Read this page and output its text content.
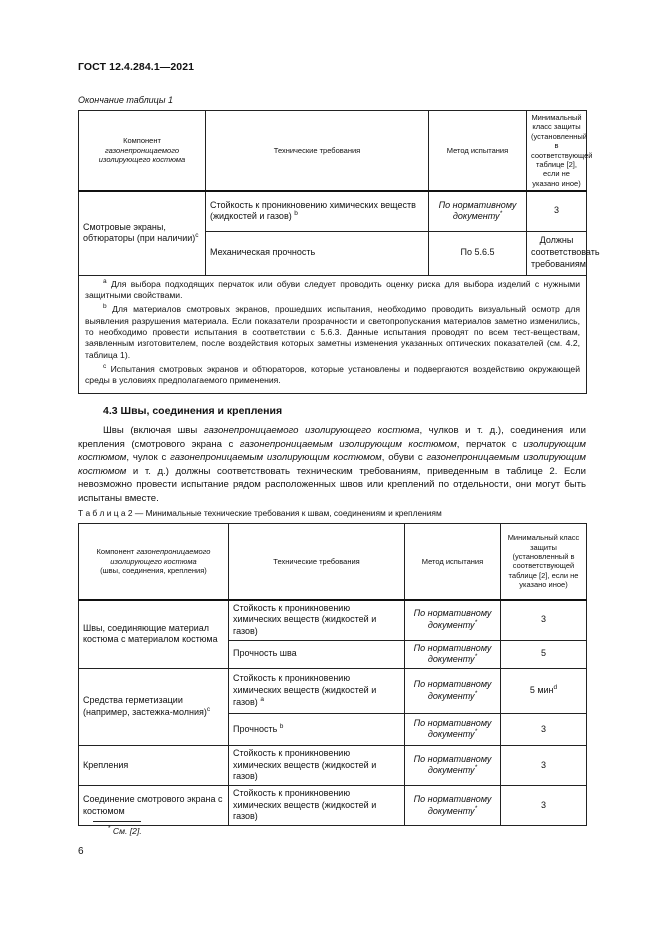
ГОСТ 12.4.284.1—2021
Окончание таблицы 1
Компонент
газонепроницаемого изолирующего костюма	Технические требования	Метод испытания	Минимальный класс защиты (установленный в соответствующей таблице [2], если не указано иное)
Смотровые экраны, обтюраторы (при наличии)$^c$	Стойкость к проникновению химических веществ (жидкостей и газов) $^b$	По нормативному документу*	3
	Механическая прочность	По 5.6.5	Должны соответствовать требованиям

$^a$ Для выбора подходящих перчаток или обуви следует проводить оценку риска для выбора изделий с нужными защитными свойствами.

$^b$ Для материалов смотровых экранов, прошедших испытания, необходимо проводить визуальный осмотр для выявления разрушения материала. Если показатели прозрачности и светопропускания материалов заметно изменились, то необходимо провести испытания в соответствии с 5.6.3. Данные испытания проводят по всем тест-веществам, заявленным изготовителем, после воздействия которых заметны изменения указанных оптических показателей (см. 4.2, таблица 1).

$^c$ Испытания смотровых экранов и обтюраторов, которые установлены и подвергаются воздействию окружающей среды в условиях предполагаемого применения.			

4.3 Швы, соединения и крепления
Швы (включая швы газонепроницаемого изолирующего костюма, чулков и т. д.), соединения или крепления (смотрового экрана с газонепроницаемым изолирующим костюмом, перчаток с изолирующим костюмом, чулок с газонепроницаемым изолирующим костюмом, обуви с газонепроницаемым изолирующим костюмом и т. д.) должны соответствовать техническим требованиям, приведенным в таблице 2. Если невозможно провести испытание рядом расположенных швов или креплений по отдельности, они могут быть испытаны вместе.
Т а б л и ц а 2 — Минимальные технические требования к швам, соединениям и креплениям
Компонент газонепроницаемого изолирующего костюма
(швы, соединения, крепления)	Технические требования	Метод испытания	Минимальный класс защиты (установленный в соответствующей таблице [2], если не указано иное)
Швы, соединяющие материал костюма с материалом костюма	Стойкость к проникновению химических веществ (жидкостей и газов)	По нормативному документу*	3
	Прочность шва	По нормативному документу*	5
Средства герметизации (например, застежка-молния)$^c$	Стойкость к проникновению химических веществ (жидкостей и газов) $^a$	По нормативному документу*	5 мин$^d$
	Прочность $^b$	По нормативному документу*	3
Крепления	Стойкость к проникновению химических веществ (жидкостей и газов)	По нормативному документу*	3
Соединение смотрового экрана с костюмом	Стойкость к проникновению химических веществ (жидкостей и газов)	По нормативному документу*	3
* См. [2].
6
